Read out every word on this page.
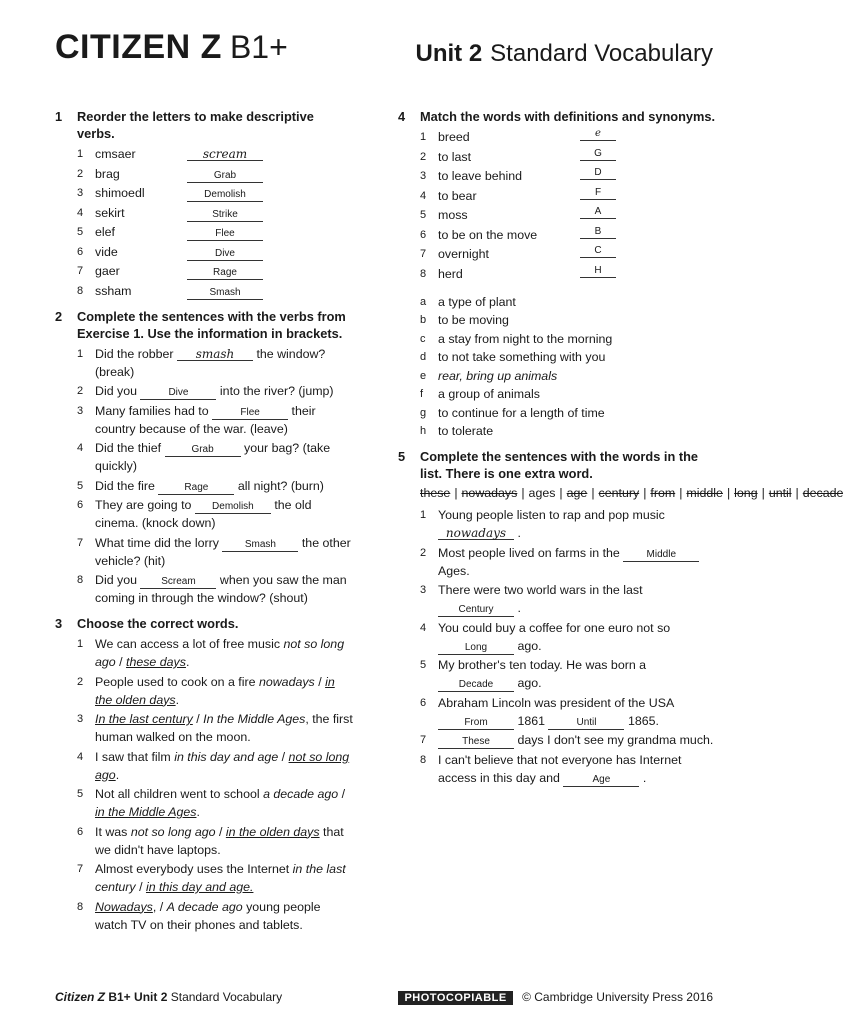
CITIZEN Z B1+	Unit 2 Standard Vocabulary
1	Reorder the letters to make descriptive verbs.
1 cmsaer	scream
2 brag	Grab
3 shimoedl	Demolish
4 sekirt	Strike
5 elef	Flee
6 vide	Dive
7 gaer	Rage
8 ssham	Smash
2	Complete the sentences with the verbs from Exercise 1. Use the information in brackets.
1 Did the robber smash the window? (break)
2 Did you	Dive	into the river? (jump)
3 Many families had to	Flee	their country because of the war. (leave)
4 Did the thief	Grab your bag? (take quickly)
5 Did the fire	Rage all night? (burn)
6 They are going to Demolish the old cinema. (knock down)
7 What time did the lorry	Smash the other vehicle? (hit)
8 Did you Scream when you saw the man coming in through the window? (shout)
3	Choose the correct words.
1 We can access a lot of free music not so long ago / these days.
2 People used to cook on a fire nowadays / in the olden days.
3 In the last century / In the Middle Ages, the first human walked on the moon.
4 I saw that film in this day and age / not so long ago.
5 Not all children went to school a decade ago / in the Middle Ages.
6 It was not so long ago / in the olden days that we didn't have laptops.
7 Almost everybody uses the Internet in the last century / in this day and age.
8 Nowadays, / A decade ago young people watch TV on their phones and tablets.
4	Match the words with definitions and synonyms.
1 breed	e
2 to last	G
3 to leave behind	D
4 to bear	F
5 moss	A
6 to be on the move	B
7 overnight	C
8 herd	H
a a type of plant
b to be moving
c	a stay from night to the morning
d to not take something with you
e rear, bring up animals
f	a group of animals
g to continue for a length of time
h to tolerate
5	Complete the sentences with the words in the list. There is one extra word.
these | nowadays | ages | age | century | from | middle | long | until | decade
1 Young people listen to rap and pop music nowadays .
2 Most people lived on farms in the	Middle Ages.
3 There were two world wars in the last Century .
4 You could buy a coffee for one euro not so Long ago.
5 My brother's ten today. He was born a Decade ago.
6 Abraham Lincoln was president of the USA From 1861	Until	1865.
7	These days I don't see my grandma much.
8 I can't believe that not everyone has Internet access in this day and	Age	.
Citizen Z B1+ Unit 2 Standard Vocabulary	PHOTOCOPIABLE © Cambridge University Press 2016
